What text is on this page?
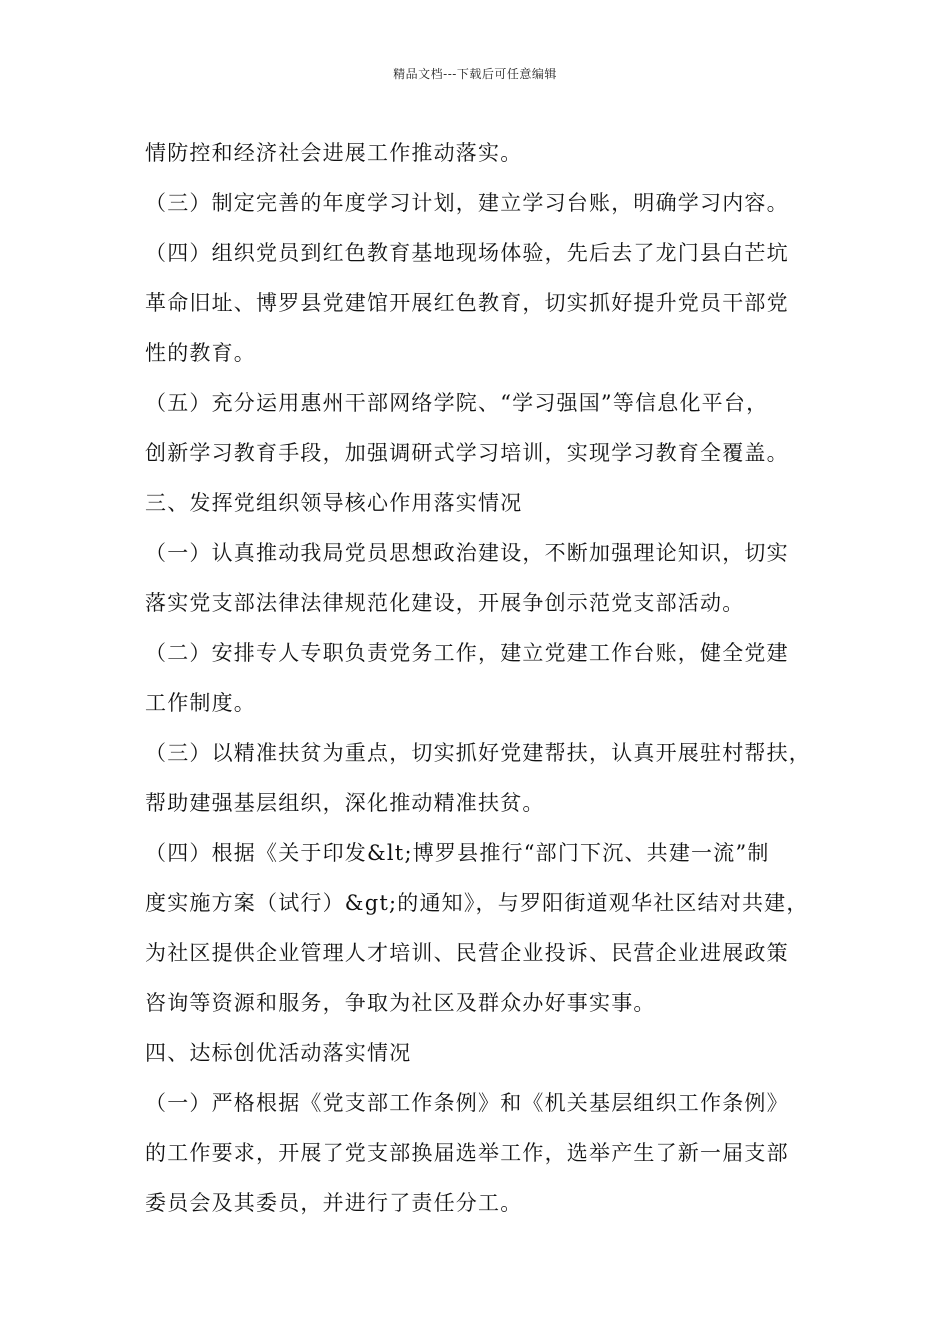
精品文档---下载后可任意编辑
情防控和经济社会进展工作推动落实。
（三）制定完善的年度学习计划，建立学习台账，明确学习内容。
（四）组织党员到红色教育基地现场体验，先后去了龙门县白芒坑
革命旧址、博罗县党建馆开展红色教育，切实抓好提升党员干部党
性的教育。
（五）充分运用惠州干部网络学院、“学习强国”等信息化平台，
创新学习教育手段，加强调研式学习培训，实现学习教育全覆盖。
三、发挥党组织领导核心作用落实情况
（一）认真推动我局党员思想政治建设，不断加强理论知识，切实
落实党支部法律法律规范化建设，开展争创示范党支部活动。
（二）安排专人专职负责党务工作，建立党建工作台账，健全党建
工作制度。
（三）以精准扶贫为重点，切实抓好党建帮扶，认真开展驻村帮扶，
帮助建强基层组织，深化推动精准扶贫。
（四）根据《关于印发&lt;博罗县推行“部门下沉、共建一流”制
度实施方案（试行）&gt;的通知》，与罗阳街道观华社区结对共建，
为社区提供企业管理人才培训、民营企业投诉、民营企业进展政策
咨询等资源和服务，争取为社区及群众办好事实事。
四、达标创优活动落实情况
（一）严格根据《党支部工作条例》和《机关基层组织工作条例》
的工作要求，开展了党支部换届选举工作，选举产生了新一届支部
委员会及其委员，并进行了责任分工。
